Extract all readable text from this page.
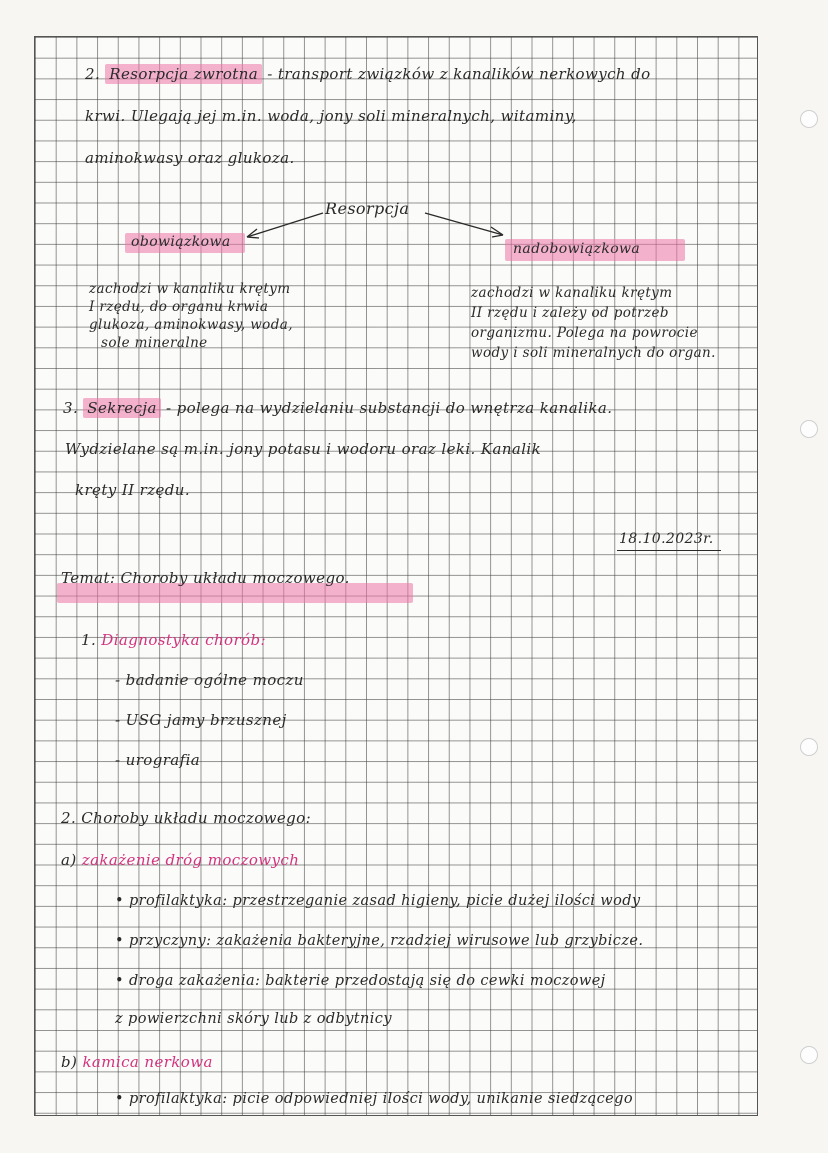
2. Resorpcja zwrotna - transport związków z kanalików nerkowych do
krwi. Ulegają jej m.in. woda, jony soli mineralnych, witaminy,
aminokwasy oraz glukoza.
Resorpcja
obowiązkowa	nadobowiązkowa
zachodzi w kanaliku krętym
I rzędu, do organu krwia
glukoza, aminokwasy, woda,
sole mineralne
zachodzi w kanaliku krętym
II rzędu i zależy od potrzeb
organizmu. Polega na powrocie
wody i soli mineralnych do organ.
3. Sekrecja - polega na wydzielaniu substancji do wnętrza kanalika.
Wydzielane są m.in. jony potasu i wodoru oraz leki. Kanalik
kręty II rzędu.
18.10.2023r.
Temat: Choroby układu moczowego.
1. Diagnostyka chorób:
- badanie ogólne moczu
- USG jamy brzusznej
- urografia
2. Choroby układu moczowego:
a) zakażenie dróg moczowych
• profilaktyka: przestrzeganie zasad higieny, picie dużej ilości wody
• przyczyny: zakażenia bakteryjne, rzadziej wirusowe lub grzybicze.
• droga zakażenia: bakterie przedostają się do cewki moczowej
z powierzchni skóry lub z odbytnicy
b) kamica nerkowa
• profilaktyka: picie odpowiedniej ilości wody, unikanie siedzącego
